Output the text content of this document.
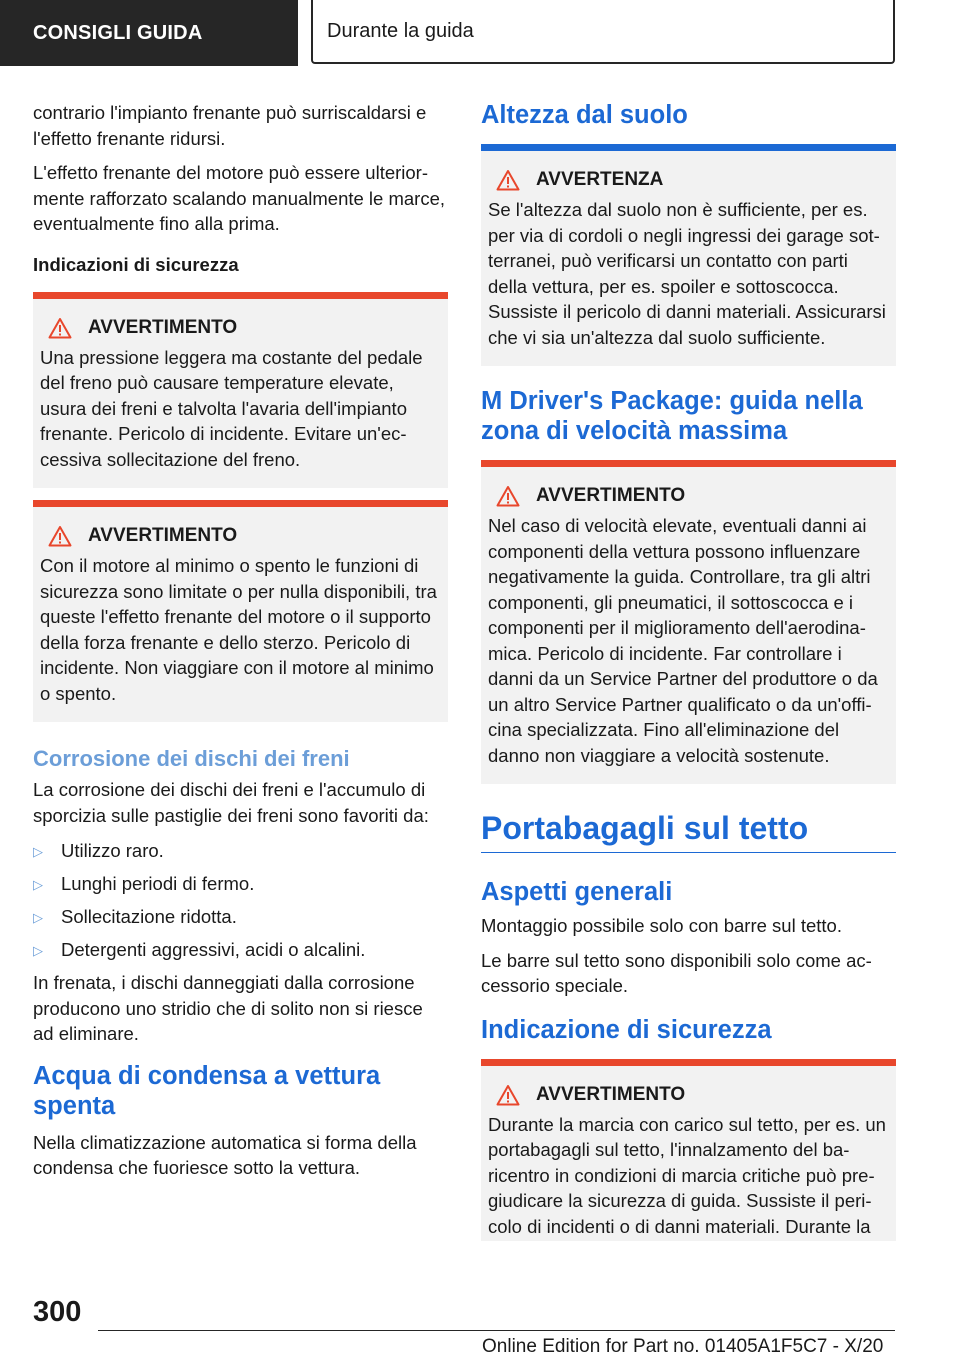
CONSIGLI GUIDA	Durante la guida

contrario l'impianto frenante può surriscaldarsi e l'effetto frenante ridursi.

L'effetto frenante del motore può essere ulteriormente rafforzato scalando manualmente le marce, eventualmente fino alla prima.

Indicazioni di sicurezza
AVVERTIMENTO
Una pressione leggera ma costante del pedale del freno può causare temperature elevate, usura dei freni e talvolta l'avaria dell'impianto frenante. Pericolo di incidente. Evitare un'eccessiva sollecitazione del freno.
AVVERTIMENTO
Con il motore al minimo o spento le funzioni di sicurezza sono limitate o per nulla disponibili, tra queste l'effetto frenante del motore o il supporto della forza frenante e dello sterzo. Pericolo di incidente. Non viaggiare con il motore al minimo o spento.
Corrosione dei dischi dei freni

La corrosione dei dischi dei freni e l'accumulo di sporcizia sulle pastiglie dei freni sono favoriti da:

▷ Utilizzo raro.
▷ Lunghi periodi di fermo.
▷ Sollecitazione ridotta.
▷ Detergenti aggressivi, acidi o alcalini.

In frenata, i dischi danneggiati dalla corrosione producono uno stridio che di solito non si riesce ad eliminare.

Acqua di condensa a vettura spenta

Nella climatizzazione automatica si forma della condensa che fuoriesce sotto la vettura.

Altezza dal suolo
AVVERTENZA
Se l'altezza dal suolo non è sufficiente, per es. per via di cordoli o negli ingressi dei garage sotterranei, può verificarsi un contatto con parti della vettura, per es. spoiler e sottoscocca. Sussiste il pericolo di danni materiali. Assicurarsi che vi sia un'altezza dal suolo sufficiente.
M Driver's Package: guida nella zona di velocità massima
AVVERTIMENTO
Nel caso di velocità elevate, eventuali danni ai componenti della vettura possono influenzare negativamente la guida. Controllare, tra gli altri componenti, gli pneumatici, il sottoscocca e i componenti per il miglioramento dell'aerodinamica. Pericolo di incidente. Far controllare i danni da un Service Partner del produttore o da un altro Service Partner qualificato o da un'officina specializzata. Fino all'eliminazione del danno non viaggiare a velocità sostenute.
Portabagagli sul tetto
Aspetti generali

Montaggio possibile solo con barre sul tetto.

Le barre sul tetto sono disponibili solo come accessorio speciale.

Indicazione di sicurezza
AVVERTIMENTO
Durante la marcia con carico sul tetto, per es. un portabagagli sul tetto, l'innalzamento del baricentro in condizioni di marcia critiche può pregiudicare la sicurezza di guida. Sussiste il pericolo di incidenti o di danni materiali. Durante la
300
Online Edition for Part no. 01405A1F5C7 - X/20
